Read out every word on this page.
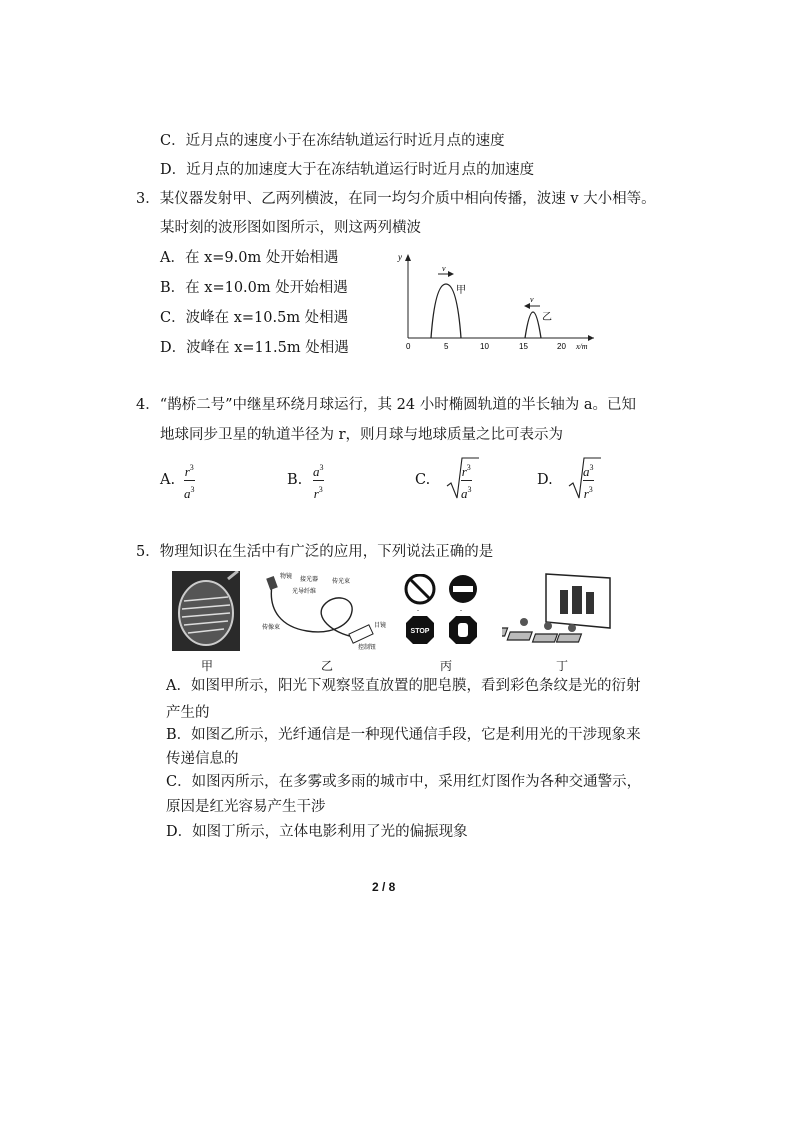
C．近月点的速度小于在冻结轨道运行时近月点的速度
D．近月点的加速度大于在冻结轨道运行时近月点的加速度
3．某仪器发射甲、乙两列横波，在同一均匀介质中相向传播，波速 v 大小相等。
某时刻的波形图如图所示，则这两列横波
A．在 x=9.0m 处开始相遇
B．在 x=10.0m 处开始相遇
C．波峰在 x=10.5m 处相遇
D．波峰在 x=11.5m 处相遇
y
x/m
0	5	10	15	20
甲
v
乙
v
4．“鹊桥二号”中继星环绕月球运行，其 24 小时椭圆轨道的半长轴为 a。已知
地球同步卫星的轨道半径为 r，则月球与地球质量之比可表示为
A.
$r^3$
$a^3$
B.
$a^3$
$r^3$
C.
$r^3$
$a^3$
D.
$a^3$
$r^3$
5．物理知识在生活中有广泛的应用，下列说法正确的是
物镜 接光器 传光束
光导纤维
传像束	目镜
控制钮
STOP
-	-
甲	乙	丙	丁
A．如图甲所示，阳光下观察竖直放置的肥皂膜，看到彩色条纹是光的衍射
产生的
B．如图乙所示，光纤通信是一种现代通信手段，它是利用光的干涉现象来
传递信息的
C．如图丙所示，在多雾或多雨的城市中，采用红灯图作为各种交通警示，
原因是红光容易产生干涉
D．如图丁所示，立体电影利用了光的偏振现象
2 / 8
